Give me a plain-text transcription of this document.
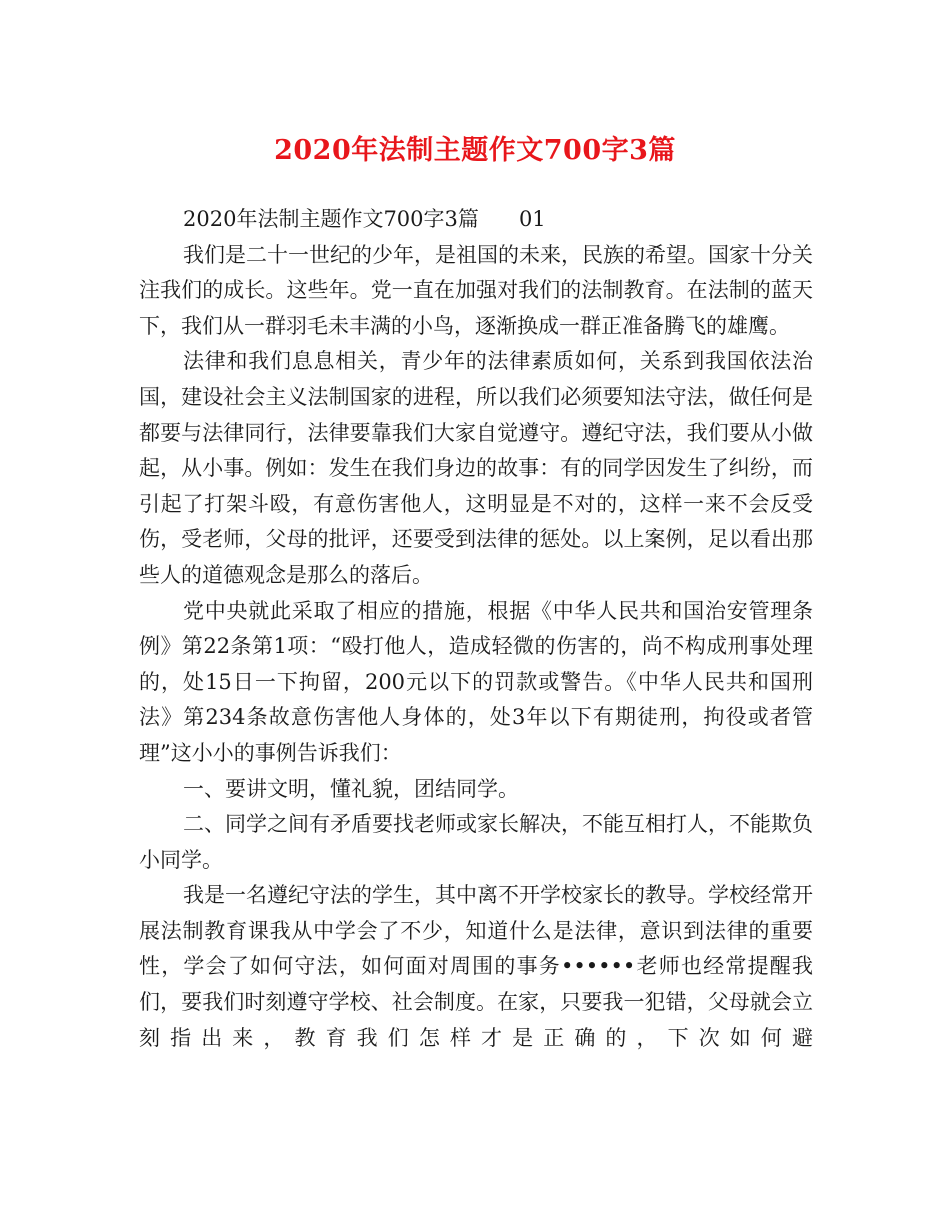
2020年法制主题作文700字3篇

2020年法制主题作文700字3篇      01

我们是二十一世纪的少年，是祖国的未来，民族的希望。国家十分关注我们的成长。这些年。党一直在加强对我们的法制教育。在法制的蓝天下，我们从一群羽毛未丰满的小鸟，逐渐换成一群正准备腾飞的雄鹰。

法律和我们息息相关，青少年的法律素质如何，关系到我国依法治国，建设社会主义法制国家的进程，所以我们必须要知法守法，做任何是都要与法律同行，法律要靠我们大家自觉遵守。遵纪守法，我们要从小做起，从小事。例如：发生在我们身边的故事：有的同学因发生了纠纷，而引起了打架斗殴，有意伤害他人，这明显是不对的，这样一来不会反受伤，受老师，父母的批评，还要受到法律的惩处。以上案例，足以看出那些人的道德观念是那么的落后。

党中央就此采取了相应的措施，根据《中华人民共和国治安管理条例》第22条第1项：“殴打他人，造成轻微的伤害的，尚不构成刑事处理的，处15日一下拘留，200元以下的罚款或警告。《中华人民共和国刑法》第234条故意伤害他人身体的，处3年以下有期徒刑，拘役或者管理”这小小的事例告诉我们：

一、要讲文明，懂礼貌，团结同学。

二、同学之间有矛盾要找老师或家长解决，不能互相打人，不能欺负小同学。

我是一名遵纪守法的学生，其中离不开学校家长的教导。学校经常开展法制教育课我从中学会了不少，知道什么是法律，意识到法律的重要性，学会了如何守法，如何面对周围的事务••••••老师也经常提醒我们，要我们时刻遵守学校、社会制度。在家，只要我一犯错，父母就会立刻指出来，教育我们怎样才是正确的，下次如何避
